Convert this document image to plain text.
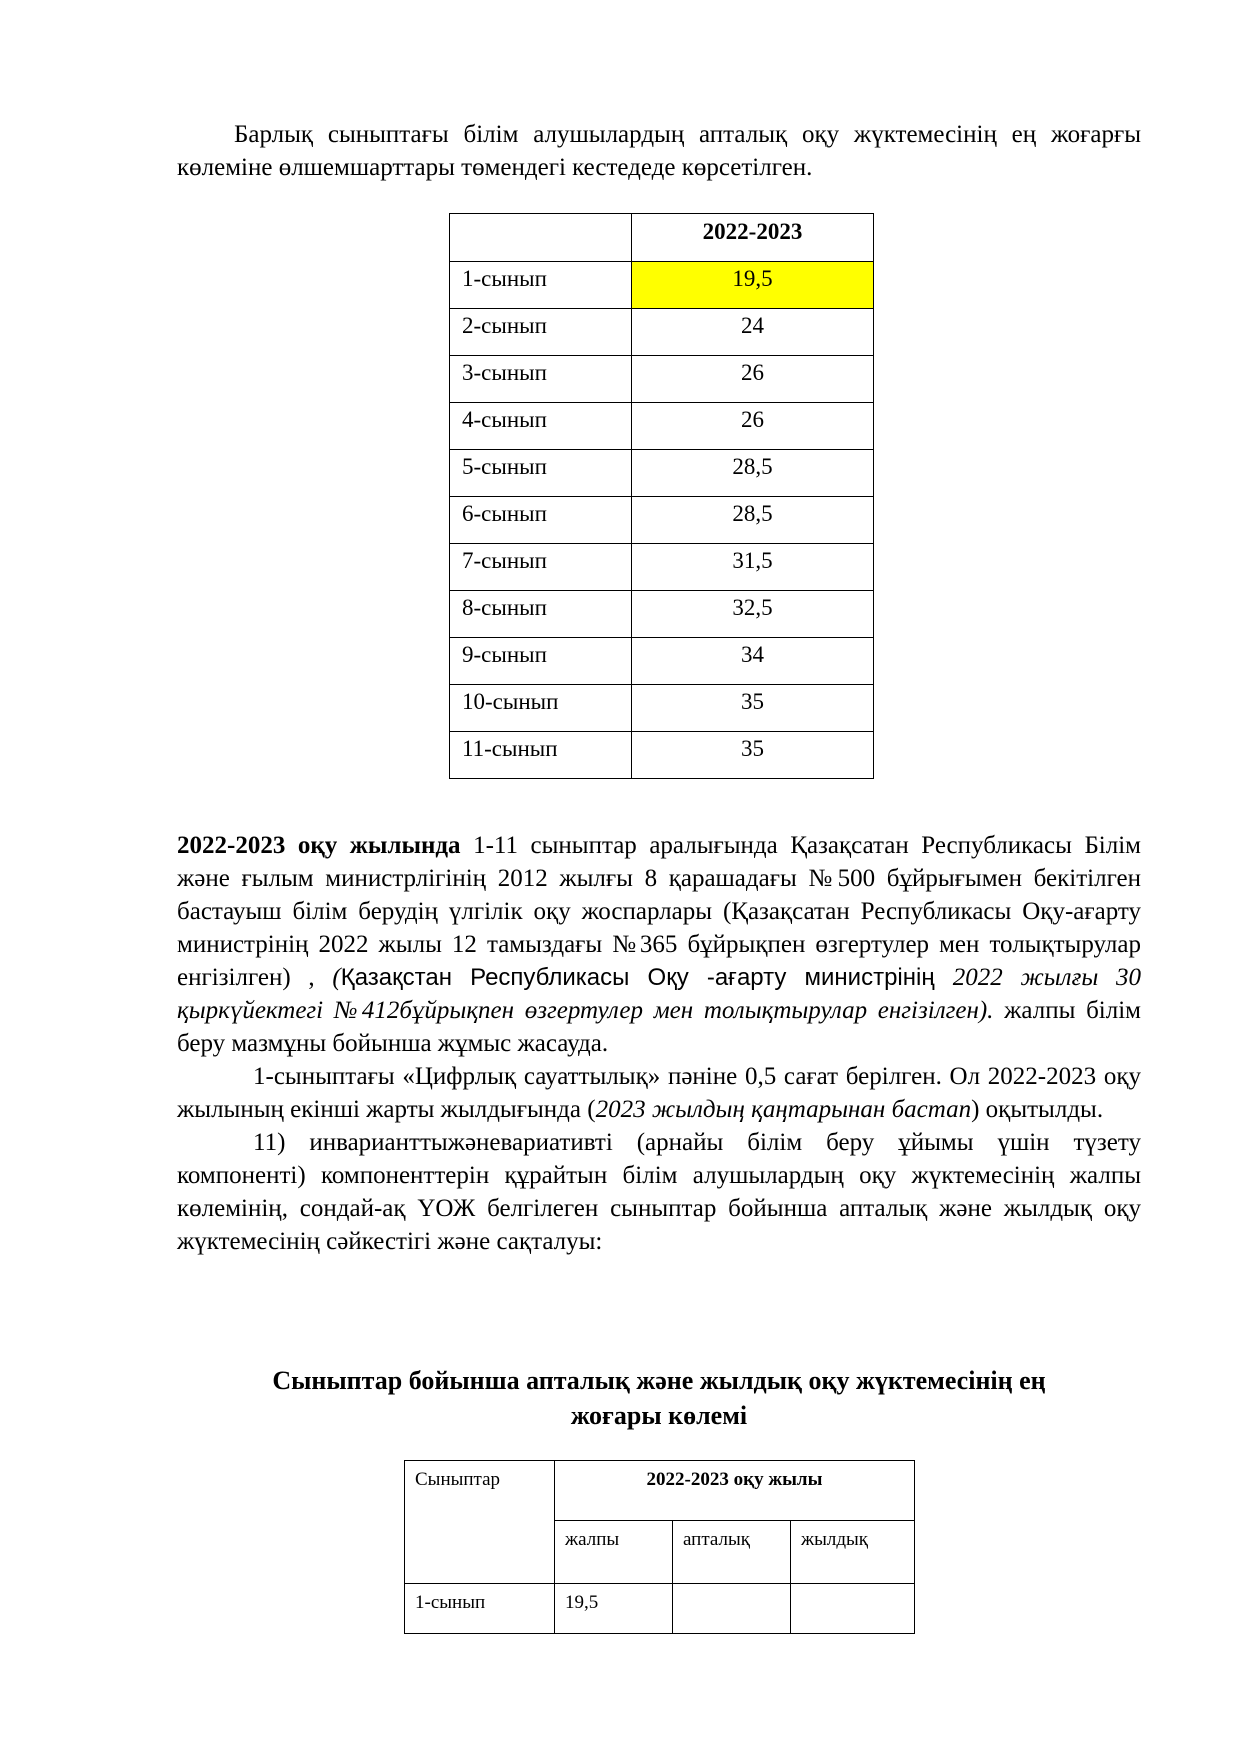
Барлық сыныптағы білім алушылардың апталық оқу жүктемесінің ең жоғарғы көлеміне өлшемшарттары төмендегі кестедеде көрсетілген.

	2022-2023
1-сынып	19,5
2-сынып	24
3-сынып	26
4-сынып	26
5-сынып	28,5
6-сынып	28,5
7-сынып	31,5
8-сынып	32,5
9-сынып	34
10-сынып	35
11-сынып	35
2022-2023 оқу жылында 1-11 сыныптар аралығында Қазақсатан Республикасы Білім және ғылым министрлігінің 2012 жылғы 8 қарашадағы №500 бұйрығымен бекітілген бастауыш білім берудің үлгілік оқу жоспарлары (Қазақсатан Республикасы Оқу-ағарту министрінің 2022 жылы 12 тамыздағы №365 бұйрықпен өзгертулер мен толықтырулар енгізілген) , (Қазақстан Республикасы Оқу -ағарту министрінің 2022 жылғы 30 қыркүйектегі №412бұйрықпен өзгертулер мен толықтырулар енгізілген). жалпы білім беру мазмұны бойынша жұмыс жасауда.
1-сыныптағы «Цифрлық сауаттылық» пәніне 0,5 сағат берілген. Ол 2022-2023 оқу жылының екінші жарты жылдығында (2023 жылдың қаңтарынан бастап) оқытылды.
11) инварианттыжәневариативті (арнайы білім беру ұйымы үшін түзету компоненті) компоненттерін құрайтын білім алушылардың оқу жүктемесінің жалпы көлемінің, сондай-ақ ҮОЖ белгілеген сыныптар бойынша апталық және жылдық оқу жүктемесінің сәйкестігі және сақталуы:
Сыныптар бойынша апталық және жылдық оқу жүктемесінің ең
жоғары көлемі
Сыныптар	2022-2023 оқу жылы		
	жалпы	апталық	жылдық
1-сынып	19,5		
